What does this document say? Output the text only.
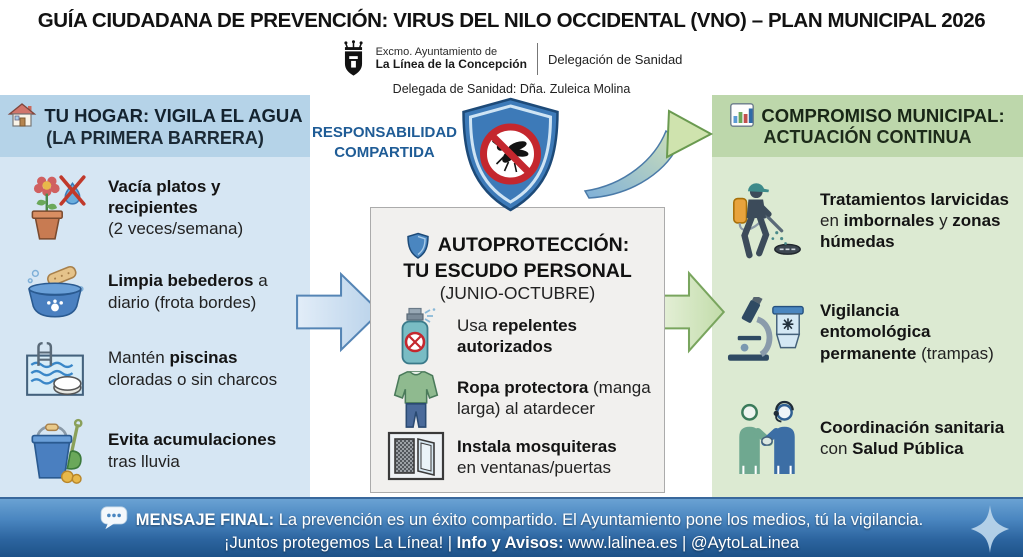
GUÍA CIUDADANA DE PREVENCIÓN: VIRUS DEL NILO OCCIDENTAL (VNO) – PLAN MUNICIPAL 2026
Excmo. Ayuntamiento de
La Línea de la Concepción Delegación de Sanidad
Delegada de Sanidad: Dña. Zuleica Molina
TU HOGAR: VIGILA EL AGUA
(LA PRIMERA BARRERA)

Vacía platos y recipientes
(2 veces/semana)

Limpia bebederos a diario (frota bordes)

Mantén piscinas cloradas o sin charcos

Evita acumulaciones tras lluvia

COMPROMISO MUNICIPAL:
ACTUACIÓN CONTINUA

Tratamientos larvicidas en imbornales y zonas húmedas

Vigilancia entomológica permanente (trampas)

Coordinación sanitaria con Salud Pública

RESPONSABILIDAD
COMPARTIDA
AUTOPROTECCIÓN:
TU ESCUDO PERSONAL
(JUNIO-OCTUBRE)

Usa repelentes autorizados

Ropa protectora (manga larga) al atardecer

Instala mosquiteras en ventanas/puertas

MENSAJE FINAL: La prevención es un éxito compartido. El Ayuntamiento pone los medios, tú la vigilancia.
¡Juntos protegemos La Línea! | Info y Avisos: www.lalinea.es | @AytoLaLinea
